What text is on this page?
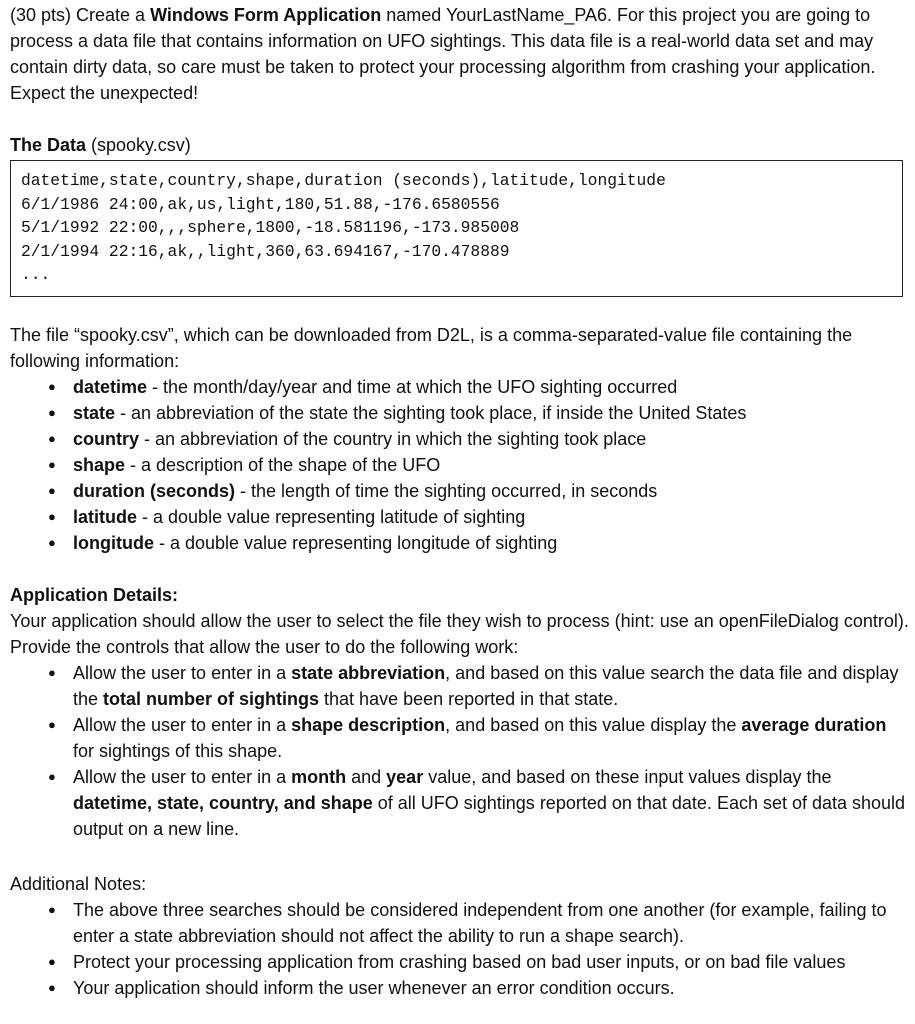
(30 pts) Create a Windows Form Application named YourLastName_PA6. For this project you are going to process a data file that contains information on UFO sightings. This data file is a real-world data set and may contain dirty data, so care must be taken to protect your processing algorithm from crashing your application. Expect the unexpected!

The Data (spooky.csv)

datetime,state,country,shape,duration (seconds),latitude,longitude
6/1/1986 24:00,ak,us,light,180,51.88,-176.6580556
5/1/1992 22:00,,,sphere,1800,-18.581196,-173.985008
2/1/1994 22:16,ak,,light,360,63.694167,-170.478889
...

The file “spooky.csv”, which can be downloaded from D2L, is a comma-separated-value file containing the following information:

● datetime - the month/day/year and time at which the UFO sighting occurred
● state - an abbreviation of the state the sighting took place, if inside the United States
● country - an abbreviation of the country in which the sighting took place
● shape - a description of the shape of the UFO
● duration (seconds) - the length of time the sighting occurred, in seconds
● latitude - a double value representing latitude of sighting
● longitude - a double value representing longitude of sighting

Application Details:

Your application should allow the user to select the file they wish to process (hint: use an openFileDialog control). Provide the controls that allow the user to do the following work:

● Allow the user to enter in a state abbreviation, and based on this value search the data file and display the total number of sightings that have been reported in that state.
● Allow the user to enter in a shape description, and based on this value display the average duration for sightings of this shape.
● Allow the user to enter in a month and year value, and based on these input values display the datetime, state, country, and shape of all UFO sightings reported on that date. Each set of data should output on a new line.

Additional Notes:

● The above three searches should be considered independent from one another (for example, failing to enter a state abbreviation should not affect the ability to run a shape search).
● Protect your processing application from crashing based on bad user inputs, or on bad file values
● Your application should inform the user whenever an error condition occurs.
